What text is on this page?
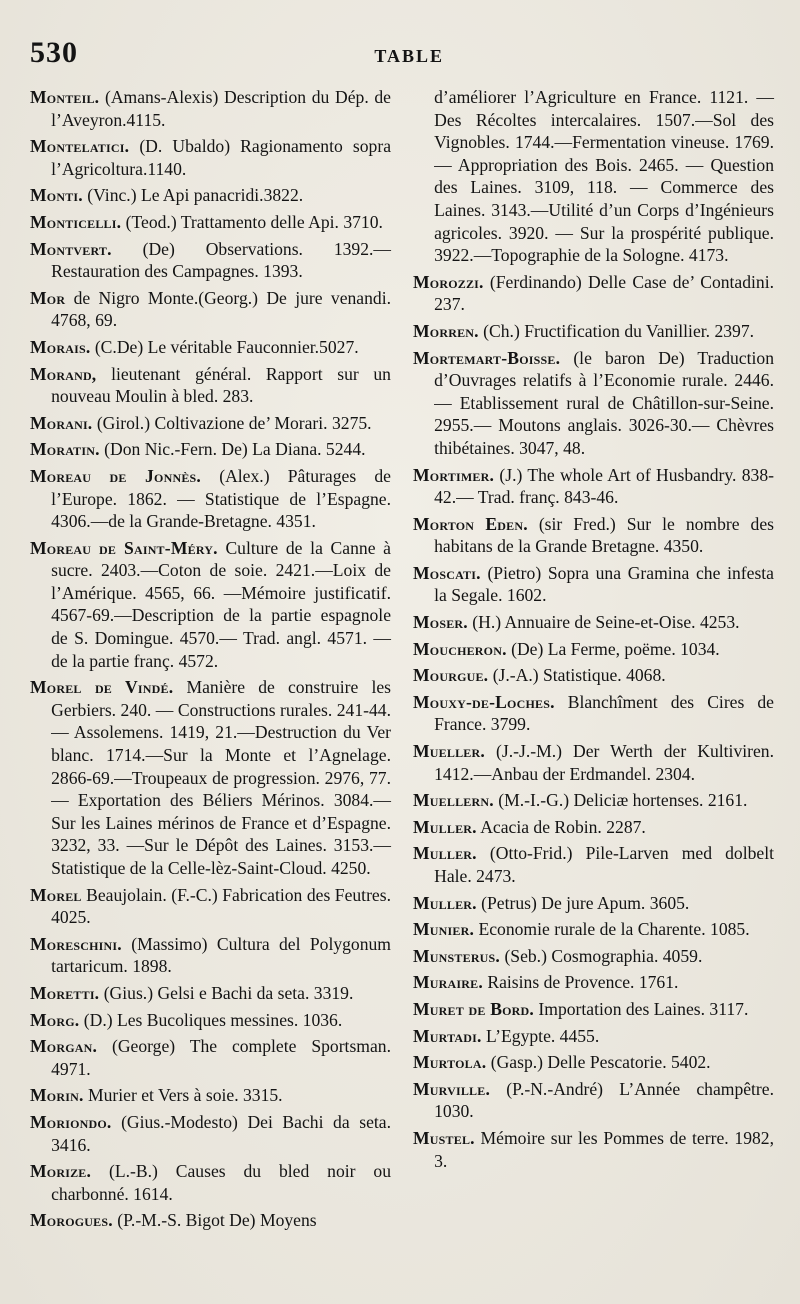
530	TABLE

Monteil. (Amans-Alexis) Description du Dép. de l’Aveyron.4115.

Montelatici. (D. Ubaldo) Ragionamento sopra l’Agricoltura.1140.

Monti. (Vinc.) Le Api panacridi.3822.

Monticelli. (Teod.) Trattamento delle Api. 3710.

Montvert. (De) Observations. 1392.— Restauration des Campagnes. 1393.

Mor de Nigro Monte.(Georg.) De jure venandi. 4768, 69.

Morais. (C.De) Le véritable Fauconnier.5027.

Morand, lieutenant général. Rapport sur un nouveau Moulin à bled. 283.

Morani. (Girol.) Coltivazione de’ Morari. 3275.

Moratin. (Don Nic.-Fern. De) La Diana. 5244.

Moreau de Jonnès. (Alex.) Pâturages de l’Europe. 1862. — Statistique de l’Espagne. 4306.—de la Grande-Bretagne. 4351.

Moreau de Saint-Méry. Culture de la Canne à sucre. 2403.—Coton de soie. 2421.—Loix de l’Amérique. 4565, 66. —Mémoire justificatif. 4567-69.—Description de la partie espagnole de S. Domingue. 4570.— Trad. angl. 4571. —de la partie franç. 4572.

Morel de Vindé. Manière de construire les Gerbiers. 240. — Constructions rurales. 241-44. — Assolemens. 1419, 21.—Destruction du Ver blanc. 1714.—Sur la Monte et l’Agnelage. 2866-69.—Troupeaux de progression. 2976, 77.— Exportation des Béliers Mérinos. 3084.—Sur les Laines mérinos de France et d’Espagne. 3232, 33. —Sur le Dépôt des Laines. 3153.— Statistique de la Celle-lèz-Saint-Cloud. 4250.

Morel Beaujolain. (F.-C.) Fabrication des Feutres. 4025.

Moreschini. (Massimo) Cultura del Polygonum tartaricum. 1898.

Moretti. (Gius.) Gelsi e Bachi da seta. 3319.

Morg. (D.) Les Bucoliques messines. 1036.

Morgan. (George) The complete Sportsman. 4971.

Morin. Murier et Vers à soie. 3315.

Moriondo. (Gius.-Modesto) Dei Bachi da seta. 3416.

Morize. (L.-B.) Causes du bled noir ou charbonné. 1614.

Morogues. (P.-M.-S. Bigot De) Moyens

d’améliorer l’Agriculture en France. 1121. — Des Récoltes intercalaires. 1507.—Sol des Vignobles. 1744.—Fermentation vineuse. 1769. — Appropriation des Bois. 2465. — Question des Laines. 3109, 118. — Commerce des Laines. 3143.—Utilité d’un Corps d’Ingénieurs agricoles. 3920. — Sur la prospérité publique. 3922.—Topographie de la Sologne. 4173.

Morozzi. (Ferdinando) Delle Case de’ Contadini. 237.

Morren. (Ch.) Fructification du Vanillier. 2397.

Mortemart-Boisse. (le baron De) Traduction d’Ouvrages relatifs à l’Economie rurale. 2446.— Etablissement rural de Châtillon-sur-Seine. 2955.— Moutons anglais. 3026-30.— Chèvres thibétaines. 3047, 48.

Mortimer. (J.) The whole Art of Husbandry. 838-42.— Trad. franç. 843-46.

Morton Eden. (sir Fred.) Sur le nombre des habitans de la Grande Bretagne. 4350.

Moscati. (Pietro) Sopra una Gramina che infesta la Segale. 1602.

Moser. (H.) Annuaire de Seine-et-Oise. 4253.

Moucheron. (De) La Ferme, poëme. 1034.

Mourgue. (J.-A.) Statistique. 4068.

Mouxy-de-Loches. Blanchîment des Cires de France. 3799.

Mueller. (J.-J.-M.) Der Werth der Kultiviren. 1412.—Anbau der Erdmandel. 2304.

Muellern. (M.-I.-G.) Deliciæ hortenses. 2161.

Muller. Acacia de Robin. 2287.

Muller. (Otto-Frid.) Pile-Larven med dolbelt Hale. 2473.

Muller. (Petrus) De jure Apum. 3605.

Munier. Economie rurale de la Charente. 1085.

Munsterus. (Seb.) Cosmographia. 4059.

Muraire. Raisins de Provence. 1761.

Muret de Bord. Importation des Laines. 3117.

Murtadi. L’Egypte. 4455.

Murtola. (Gasp.) Delle Pescatorie. 5402.

Murville. (P.-N.-André) L’Année champêtre. 1030.

Mustel. Mémoire sur les Pommes de terre. 1982, 3.
